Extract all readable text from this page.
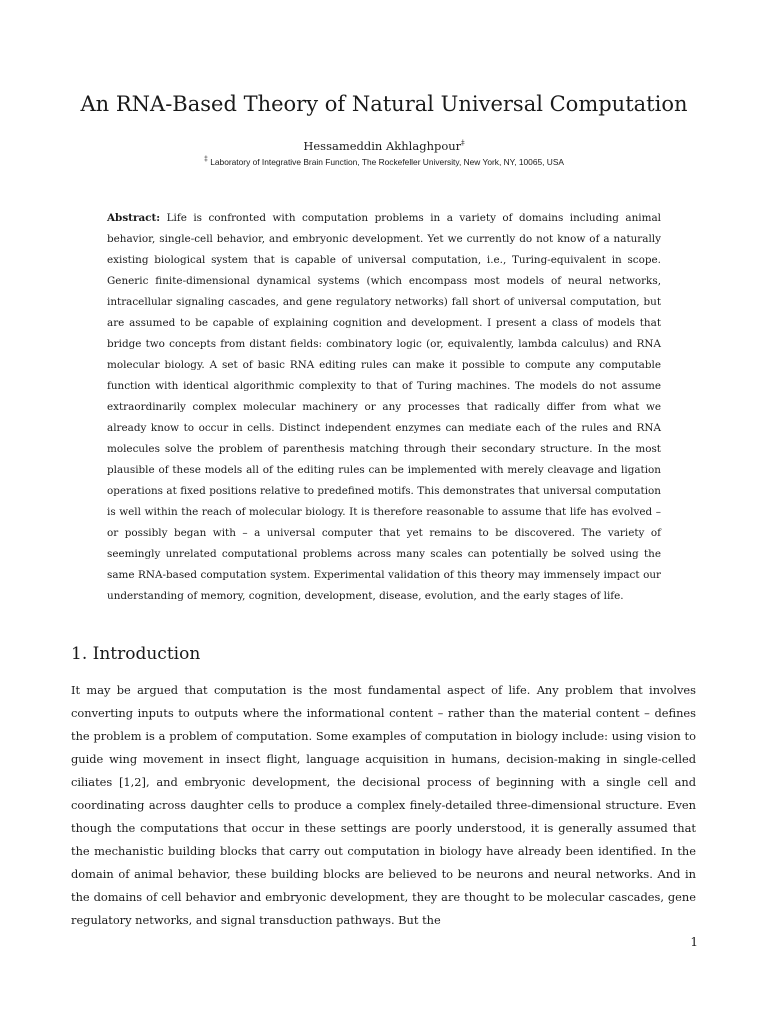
An RNA-Based Theory of Natural Universal Computation
Hessameddin Akhlaghpour‡
‡ Laboratory of Integrative Brain Function, The Rockefeller University, New York, NY, 10065, USA

Abstract: Life is confronted with computation problems in a variety of domains including animal behavior, single-cell behavior, and embryonic development. Yet we currently do not know of a naturally existing biological system that is capable of universal computation, i.e., Turing-equivalent in scope. Generic finite-dimensional dynamical systems (which encompass most models of neural networks, intracellular signaling cascades, and gene regulatory networks) fall short of universal computation, but are assumed to be capable of explaining cognition and development. I present a class of models that bridge two concepts from distant fields: combinatory logic (or, equivalently, lambda calculus) and RNA molecular biology. A set of basic RNA editing rules can make it possible to compute any computable function with identical algorithmic complexity to that of Turing machines. The models do not assume extraordinarily complex molecular machinery or any processes that radically differ from what we already know to occur in cells. Distinct independent enzymes can mediate each of the rules and RNA molecules solve the problem of parenthesis matching through their secondary structure. In the most plausible of these models all of the editing rules can be implemented with merely cleavage and ligation operations at fixed positions relative to predefined motifs. This demonstrates that universal computation is well within the reach of molecular biology. It is therefore reasonable to assume that life has evolved – or possibly began with – a universal computer that yet remains to be discovered. The variety of seemingly unrelated computational problems across many scales can potentially be solved using the same RNA-based computation system. Experimental validation of this theory may immensely impact our understanding of memory, cognition, development, disease, evolution, and the early stages of life.

1. Introduction

It may be argued that computation is the most fundamental aspect of life. Any problem that involves converting inputs to outputs where the informational content – rather than the material content – defines the problem is a problem of computation. Some examples of computation in biology include: using vision to guide wing movement in insect flight, language acquisition in humans, decision-making in single-celled ciliates [1,2], and embryonic development, the decisional process of beginning with a single cell and coordinating across daughter cells to produce a complex finely-detailed three-dimensional structure. Even though the computations that occur in these settings are poorly understood, it is generally assumed that the mechanistic building blocks that carry out computation in biology have already been identified. In the domain of animal behavior, these building blocks are believed to be neurons and neural networks. And in the domains of cell behavior and embryonic development, they are thought to be molecular cascades, gene regulatory networks, and signal transduction pathways. But the

1
